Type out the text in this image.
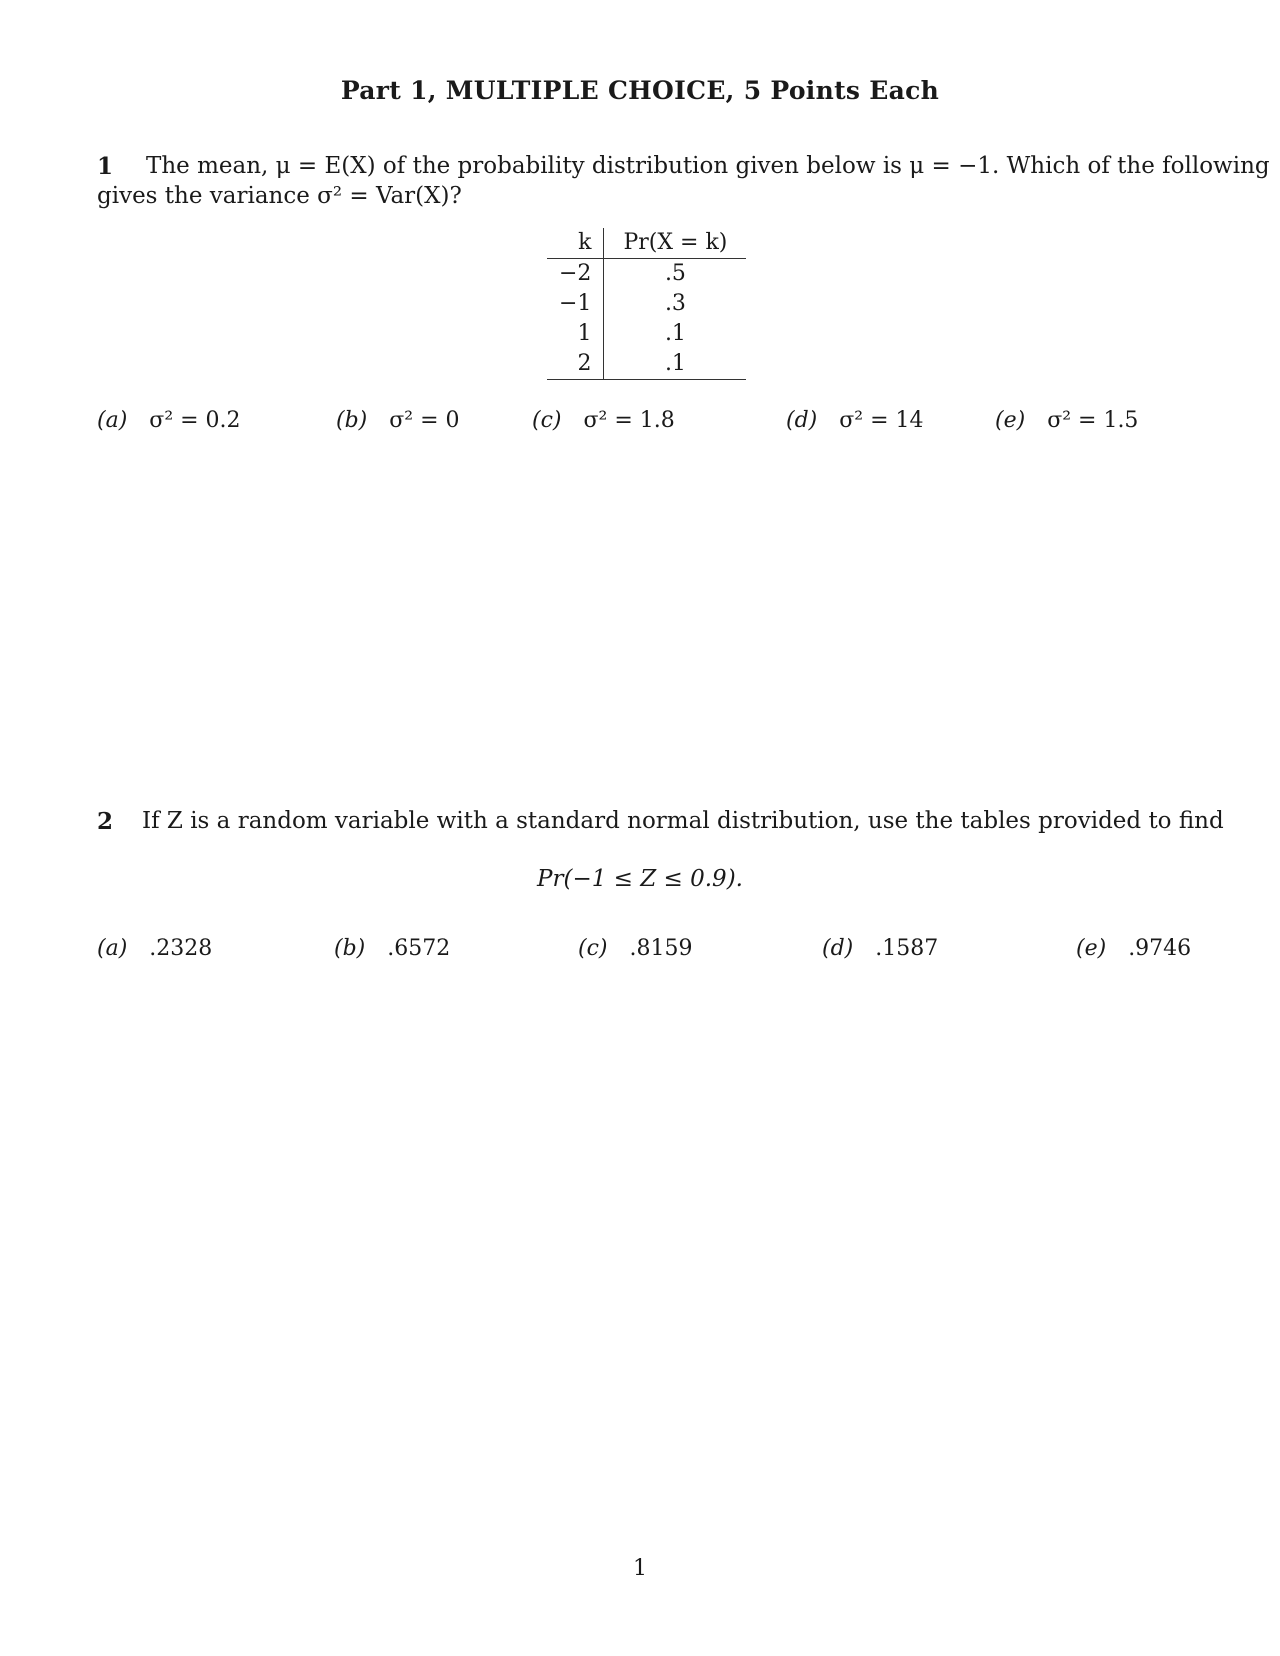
Part 1, MULTIPLE CHOICE, 5 Points Each
1 The mean, μ = E(X) of the probability distribution given below is μ = −1. Which of the following
gives the variance σ² = Var(X)?
k	Pr(X = k)
−2	.5
−1	.3
1	.1
2	.1
(a) σ² = 0.2	(b) σ² = 0	(c) σ² = 1.8	(d) σ² = 14	(e) σ² = 1.5
2 If Z is a random variable with a standard normal distribution, use the tables provided to find
Pr(−1 ≤ Z ≤ 0.9).
(a) .2328	(b) .6572	(c) .8159	(d) .1587	(e) .9746
1
